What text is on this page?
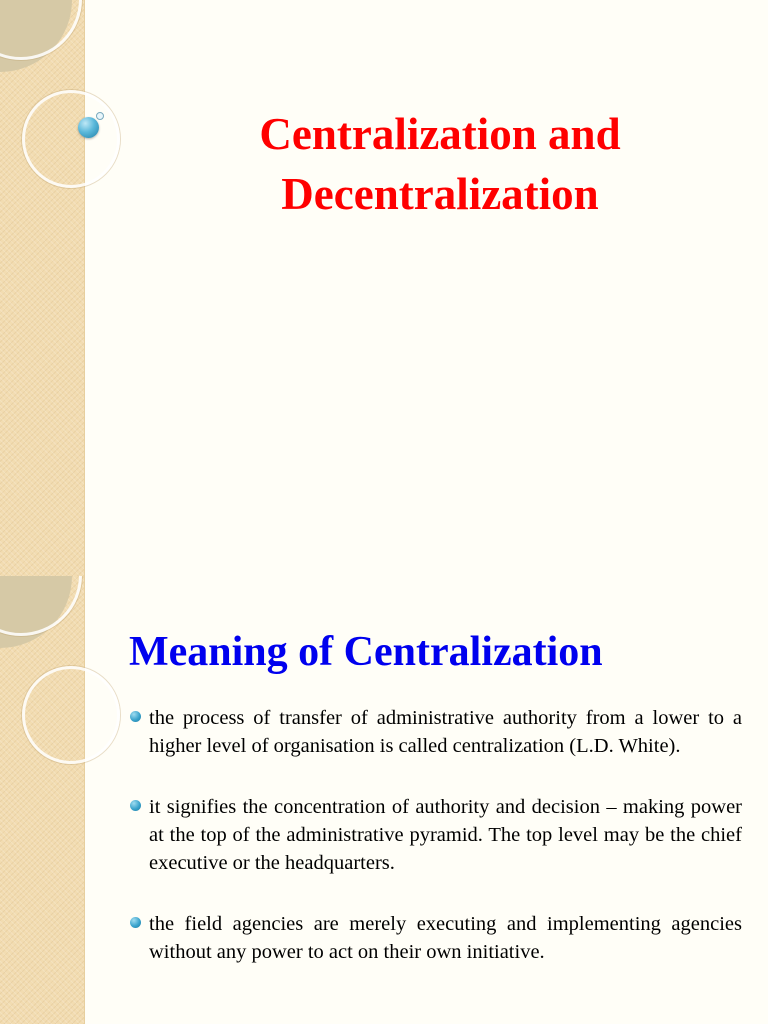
Centralization and
Decentralization
Meaning of Centralization
the process of transfer of administrative authority from a lower to a higher level of organisation is called centralization (L.D. White).
it signifies the concentration of authority and decision – making power at the top of the administrative pyramid. The top level may be the chief executive or the headquarters.
the field agencies are merely executing and implementing agencies without any power to act on their own initiative.
